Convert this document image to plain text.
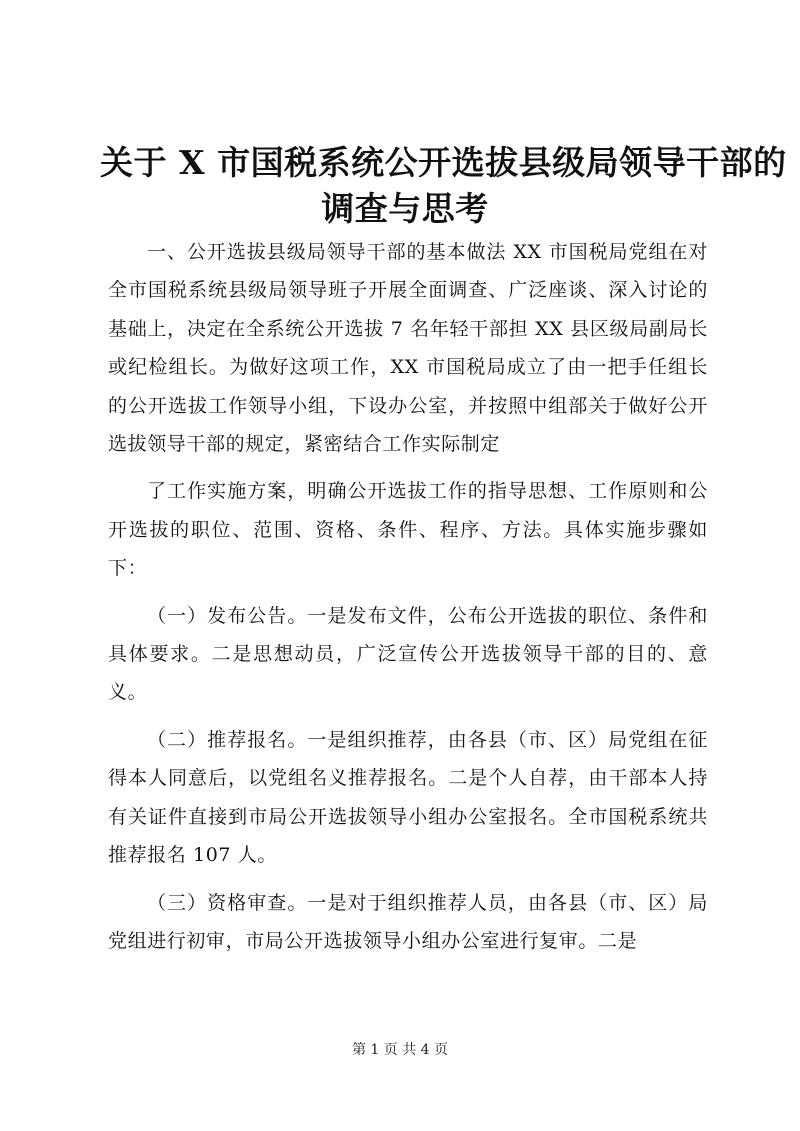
关于 X 市国税系统公开选拔县级局领导干部的
调查与思考

一、公开选拔县级局领导干部的基本做法 XX 市国税局党组在对全市国税系统县级局领导班子开展全面调查、广泛座谈、深入讨论的基础上，决定在全系统公开选拔 7 名年轻干部担 XX 县区级局副局长或纪检组长。为做好这项工作，XX 市国税局成立了由一把手任组长的公开选拔工作领导小组，下设办公室，并按照中组部关于做好公开选拔领导干部的规定，紧密结合工作实际制定

了工作实施方案，明确公开选拔工作的指导思想、工作原则和公开选拔的职位、范围、资格、条件、程序、方法。具体实施步骤如下：

（一）发布公告。一是发布文件，公布公开选拔的职位、条件和具体要求。二是思想动员，广泛宣传公开选拔领导干部的目的、意义。

（二）推荐报名。一是组织推荐，由各县（市、区）局党组在征得本人同意后，以党组名义推荐报名。二是个人自荐，由干部本人持有关证件直接到市局公开选拔领导小组办公室报名。全市国税系统共推荐报名 107 人。

（三）资格审查。一是对于组织推荐人员，由各县（市、区）局党组进行初审，市局公开选拔领导小组办公室进行复审。二是

第 1 页 共 4 页
